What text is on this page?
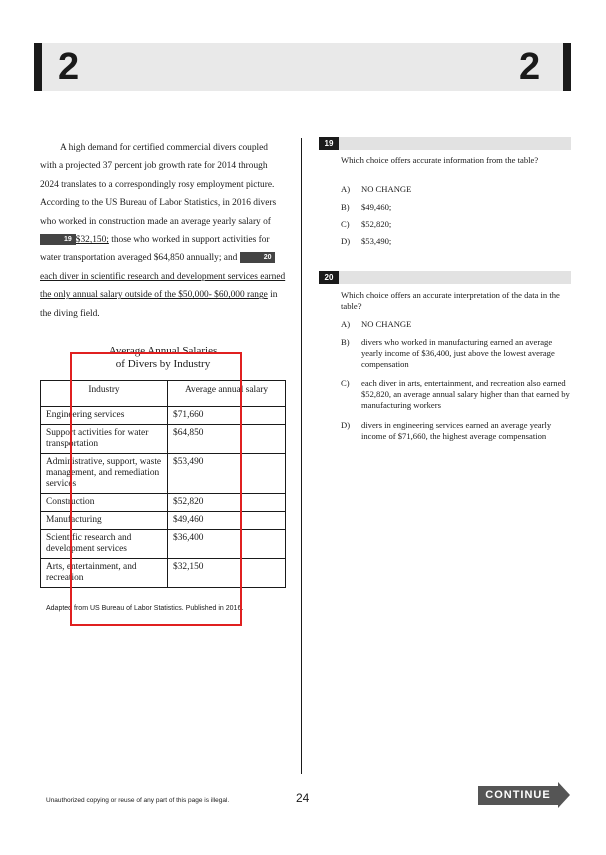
2	2

A high demand for certified commercial divers coupled with a projected 37 percent job growth rate for 2014 through 2024 translates to a correspondingly rosy employment picture. According to the US Bureau of Labor Statistics, in 2016 divers who worked in construction made an average yearly salary of 19 $32,150; those who worked in support activities for water transportation averaged $64,850 annually; and	20each diver in scientific research and development services earned the only annual salary outside of the $50,000- $60,000 range in the diving field.

Average Annual Salaries
of Divers by Industry
Industry	Average annual salary
Engineering services	$71,660
Support activities for water transportation	$64,850
Administrative, support, waste management, and remediation services	$53,490
Construction	$52,820
Manufacturing	$49,460
Scientific research and development services	$36,400
Arts, entertainment, and recreation	$32,150
Adapted from US Bureau of Labor Statistics. Published in 2016.
19
Which choice offers accurate information from the table?
A) NO CHANGE
B) $49,460;
C) $52,820;
D) $53,490;
20
Which choice offers an accurate interpretation of the data in the table?
A) NO CHANGE
B) divers who worked in manufacturing earned an average yearly income of $36,400, just above the lowest average compensation
C) each diver in arts, entertainment, and recreation also earned $52,820, an average annual salary higher than that earned by manufacturing workers
D) divers in engineering services earned an average yearly income of $71,660, the highest average compensation
Unauthorized copying or reuse of any part of this page is illegal.	24	CONTINUE
